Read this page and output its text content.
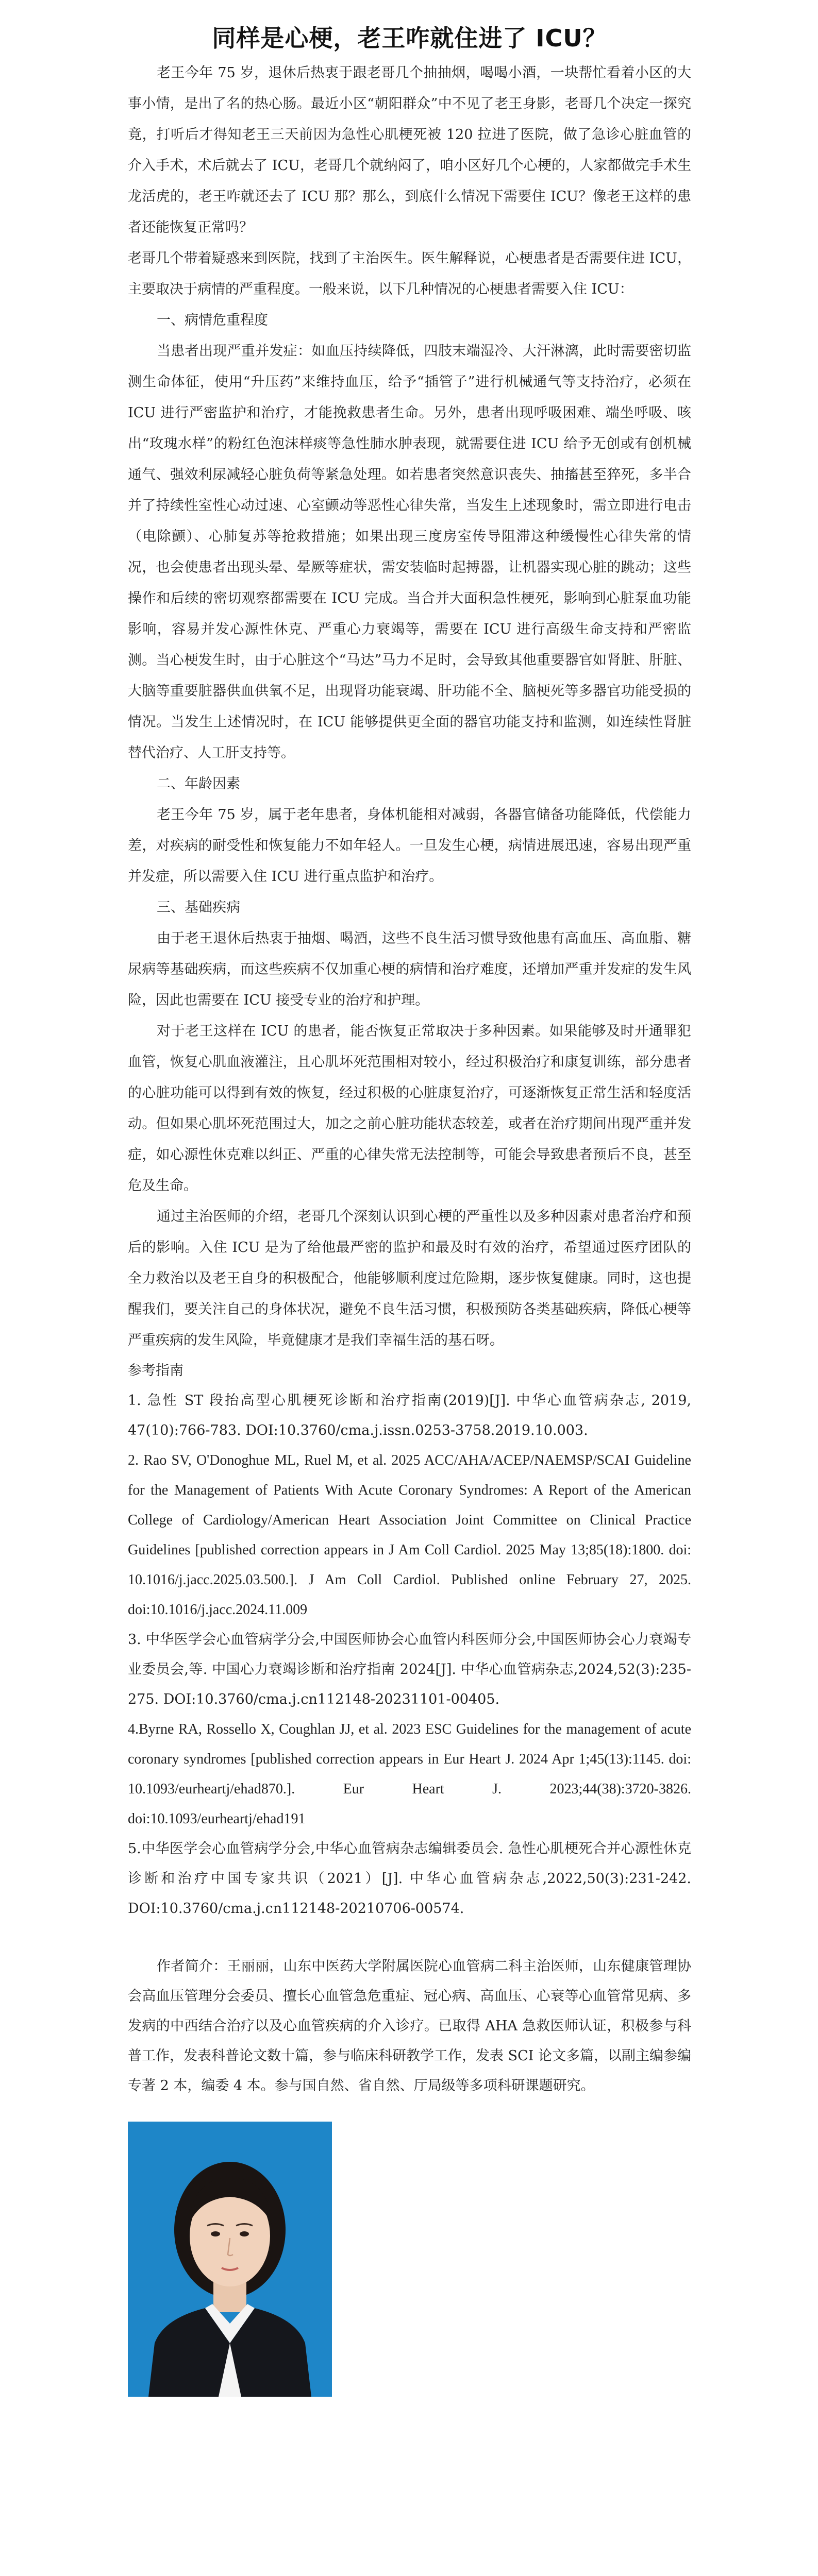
同样是心梗，老王咋就住进了 ICU？

老王今年 75 岁，退休后热衷于跟老哥几个抽抽烟，喝喝小酒，一块帮忙看着小区的大事小情，是出了名的热心肠。最近小区“朝阳群众”中不见了老王身影，老哥几个决定一探究竟，打听后才得知老王三天前因为急性心肌梗死被 120 拉进了医院，做了急诊心脏血管的介入手术，术后就去了 ICU，老哥几个就纳闷了，咱小区好几个心梗的，人家都做完手术生龙活虎的，老王咋就还去了 ICU 那？那么，到底什么情况下需要住 ICU？像老王这样的患者还能恢复正常吗？

老哥几个带着疑惑来到医院，找到了主治医生。医生解释说，心梗患者是否需要住进 ICU，主要取决于病情的严重程度。一般来说，以下几种情况的心梗患者需要入住 ICU：

一、病情危重程度

当患者出现严重并发症：如血压持续降低，四肢末端湿冷、大汗淋漓，此时需要密切监测生命体征，使用“升压药”来维持血压，给予“插管子”进行机械通气等支持治疗，必须在 ICU 进行严密监护和治疗，才能挽救患者生命。另外，患者出现呼吸困难、端坐呼吸、咳出“玫瑰水样”的粉红色泡沫样痰等急性肺水肿表现，就需要住进 ICU 给予无创或有创机械通气、强效利尿减轻心脏负荷等紧急处理。如若患者突然意识丧失、抽搐甚至猝死，多半合并了持续性室性心动过速、心室颤动等恶性心律失常，当发生上述现象时，需立即进行电击（电除颤）、心肺复苏等抢救措施；如果出现三度房室传导阻滞这种缓慢性心律失常的情况，也会使患者出现头晕、晕厥等症状，需安装临时起搏器，让机器实现心脏的跳动；这些操作和后续的密切观察都需要在 ICU 完成。当合并大面积急性梗死，影响到心脏泵血功能影响，容易并发心源性休克、严重心力衰竭等，需要在 ICU 进行高级生命支持和严密监测。当心梗发生时，由于心脏这个“马达”马力不足时，会导致其他重要器官如肾脏、肝脏、大脑等重要脏器供血供氧不足，出现肾功能衰竭、肝功能不全、脑梗死等多器官功能受损的情况。当发生上述情况时，在 ICU 能够提供更全面的器官功能支持和监测，如连续性肾脏替代治疗、人工肝支持等。

二、年龄因素

老王今年 75 岁，属于老年患者，身体机能相对减弱，各器官储备功能降低，代偿能力差，对疾病的耐受性和恢复能力不如年轻人。一旦发生心梗，病情进展迅速，容易出现严重并发症，所以需要入住 ICU 进行重点监护和治疗。

三、基础疾病

由于老王退休后热衷于抽烟、喝酒，这些不良生活习惯导致他患有高血压、高血脂、糖尿病等基础疾病，而这些疾病不仅加重心梗的病情和治疗难度，还增加严重并发症的发生风险，因此也需要在 ICU 接受专业的治疗和护理。

对于老王这样在 ICU 的患者，能否恢复正常取决于多种因素。如果能够及时开通罪犯血管，恢复心肌血液灌注，且心肌坏死范围相对较小，经过积极治疗和康复训练，部分患者的心脏功能可以得到有效的恢复，经过积极的心脏康复治疗，可逐渐恢复正常生活和轻度活动。但如果心肌坏死范围过大，加之之前心脏功能状态较差，或者在治疗期间出现严重并发症，如心源性休克难以纠正、严重的心律失常无法控制等，可能会导致患者预后不良，甚至危及生命。

通过主治医师的介绍，老哥几个深刻认识到心梗的严重性以及多种因素对患者治疗和预后的影响。入住 ICU 是为了给他最严密的监护和最及时有效的治疗，希望通过医疗团队的全力救治以及老王自身的积极配合，他能够顺利度过危险期，逐步恢复健康。同时，这也提醒我们，要关注自己的身体状况，避免不良生活习惯，积极预防各类基础疾病，降低心梗等严重疾病的发生风险，毕竟健康才是我们幸福生活的基石呀。

参考指南

1. 急性 ST 段抬高型心肌梗死诊断和治疗指南(2019)[J]. 中华心血管病杂志, 2019, 47(10):766-783. DOI:10.3760/cma.j.issn.0253-3758.2019.10.003.

2. Rao SV, O'Donoghue ML, Ruel M, et al. 2025 ACC/AHA/ACEP/NAEMSP/SCAI Guideline for the Management of Patients With Acute Coronary Syndromes: A Report of the American College of Cardiology/American Heart Association Joint Committee on Clinical Practice Guidelines [published correction appears in J Am Coll Cardiol. 2025 May 13;85(18):1800. doi: 10.1016/j.jacc.2025.03.500.]. J Am Coll Cardiol. Published online February 27, 2025. doi:10.1016/j.jacc.2024.11.009

3. 中华医学会心血管病学分会,中国医师协会心血管内科医师分会,中国医师协会心力衰竭专业委员会,等. 中国心力衰竭诊断和治疗指南 2024[J]. 中华心血管病杂志,2024,52(3):235-275. DOI:10.3760/cma.j.cn112148-20231101-00405.

4.Byrne RA, Rossello X, Coughlan JJ, et al. 2023 ESC Guidelines for the management of acute coronary syndromes [published correction appears in Eur Heart J. 2024 Apr 1;45(13):1145. doi: 10.1093/eurheartj/ehad870.]. Eur Heart J. 2023;44(38):3720-3826. doi:10.1093/eurheartj/ehad191

5.中华医学会心血管病学分会,中华心血管病杂志编辑委员会. 急性心肌梗死合并心源性休克诊断和治疗中国专家共识（2021）[J]. 中华心血管病杂志,2022,50(3):231-242. DOI:10.3760/cma.j.cn112148-20210706-00574.

作者简介：王丽丽，山东中医药大学附属医院心血管病二科主治医师，山东健康管理协会高血压管理分会委员、擅长心血管急危重症、冠心病、高血压、心衰等心血管常见病、多发病的中西结合治疗以及心血管疾病的介入诊疗。已取得 AHA 急救医师认证，积极参与科普工作，发表科普论文数十篇，参与临床科研教学工作，发表 SCI 论文多篇，以副主编参编专著 2 本，编委 4 本。参与国自然、省自然、厅局级等多项科研课题研究。
